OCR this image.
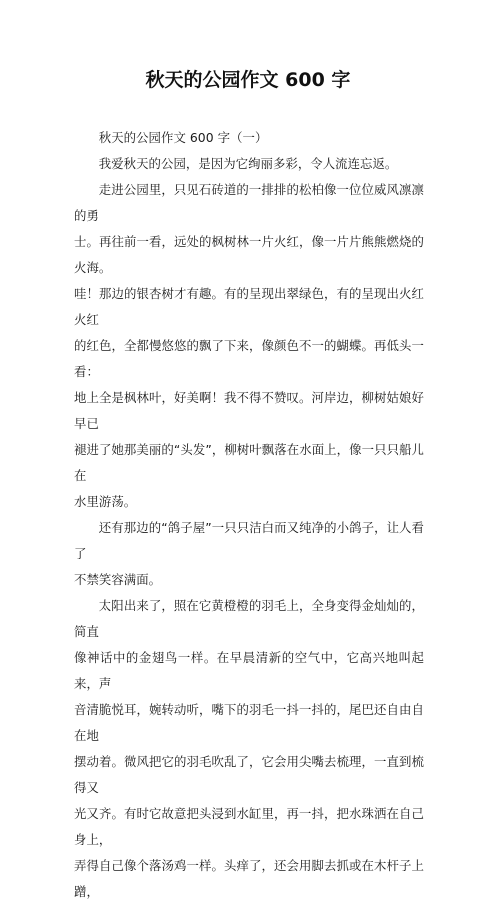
秋天的公园作文 600 字

秋天的公园作文 600 字（一）

我爱秋天的公园，是因为它绚丽多彩，令人流连忘返。

走进公园里，只见石砖道的一排排的松柏像一位位威风凛凛的勇
士。再往前一看，远处的枫树林一片火红，像一片片熊熊燃烧的火海。
哇！那边的银杏树才有趣。有的呈现出翠绿色，有的呈现出火红火红
的红色，全都慢悠悠的飘了下来，像颜色不一的蝴蝶。再低头一看：
地上全是枫林叶，好美啊！我不得不赞叹。河岸边，柳树姑娘好早已
褪进了她那美丽的“头发”，柳树叶飘落在水面上，像一只只船儿在
水里游荡。

还有那边的“鸽子屋”一只只洁白而又纯净的小鸽子，让人看了
不禁笑容满面。

太阳出来了，照在它黄橙橙的羽毛上，全身变得金灿灿的，简直
像神话中的金翅鸟一样。在早晨清新的空气中，它高兴地叫起来，声
音清脆悦耳，婉转动听，嘴下的羽毛一抖一抖的，尾巴还自由自在地
摆动着。微风把它的羽毛吹乱了，它会用尖嘴去梳理，一直到梳得又
光又齐。有时它故意把头浸到水缸里，再一抖，把水珠洒在自己身上，
弄得自己像个落汤鸡一样。头痒了，还会用脚去抓或在木杆子上蹭，
